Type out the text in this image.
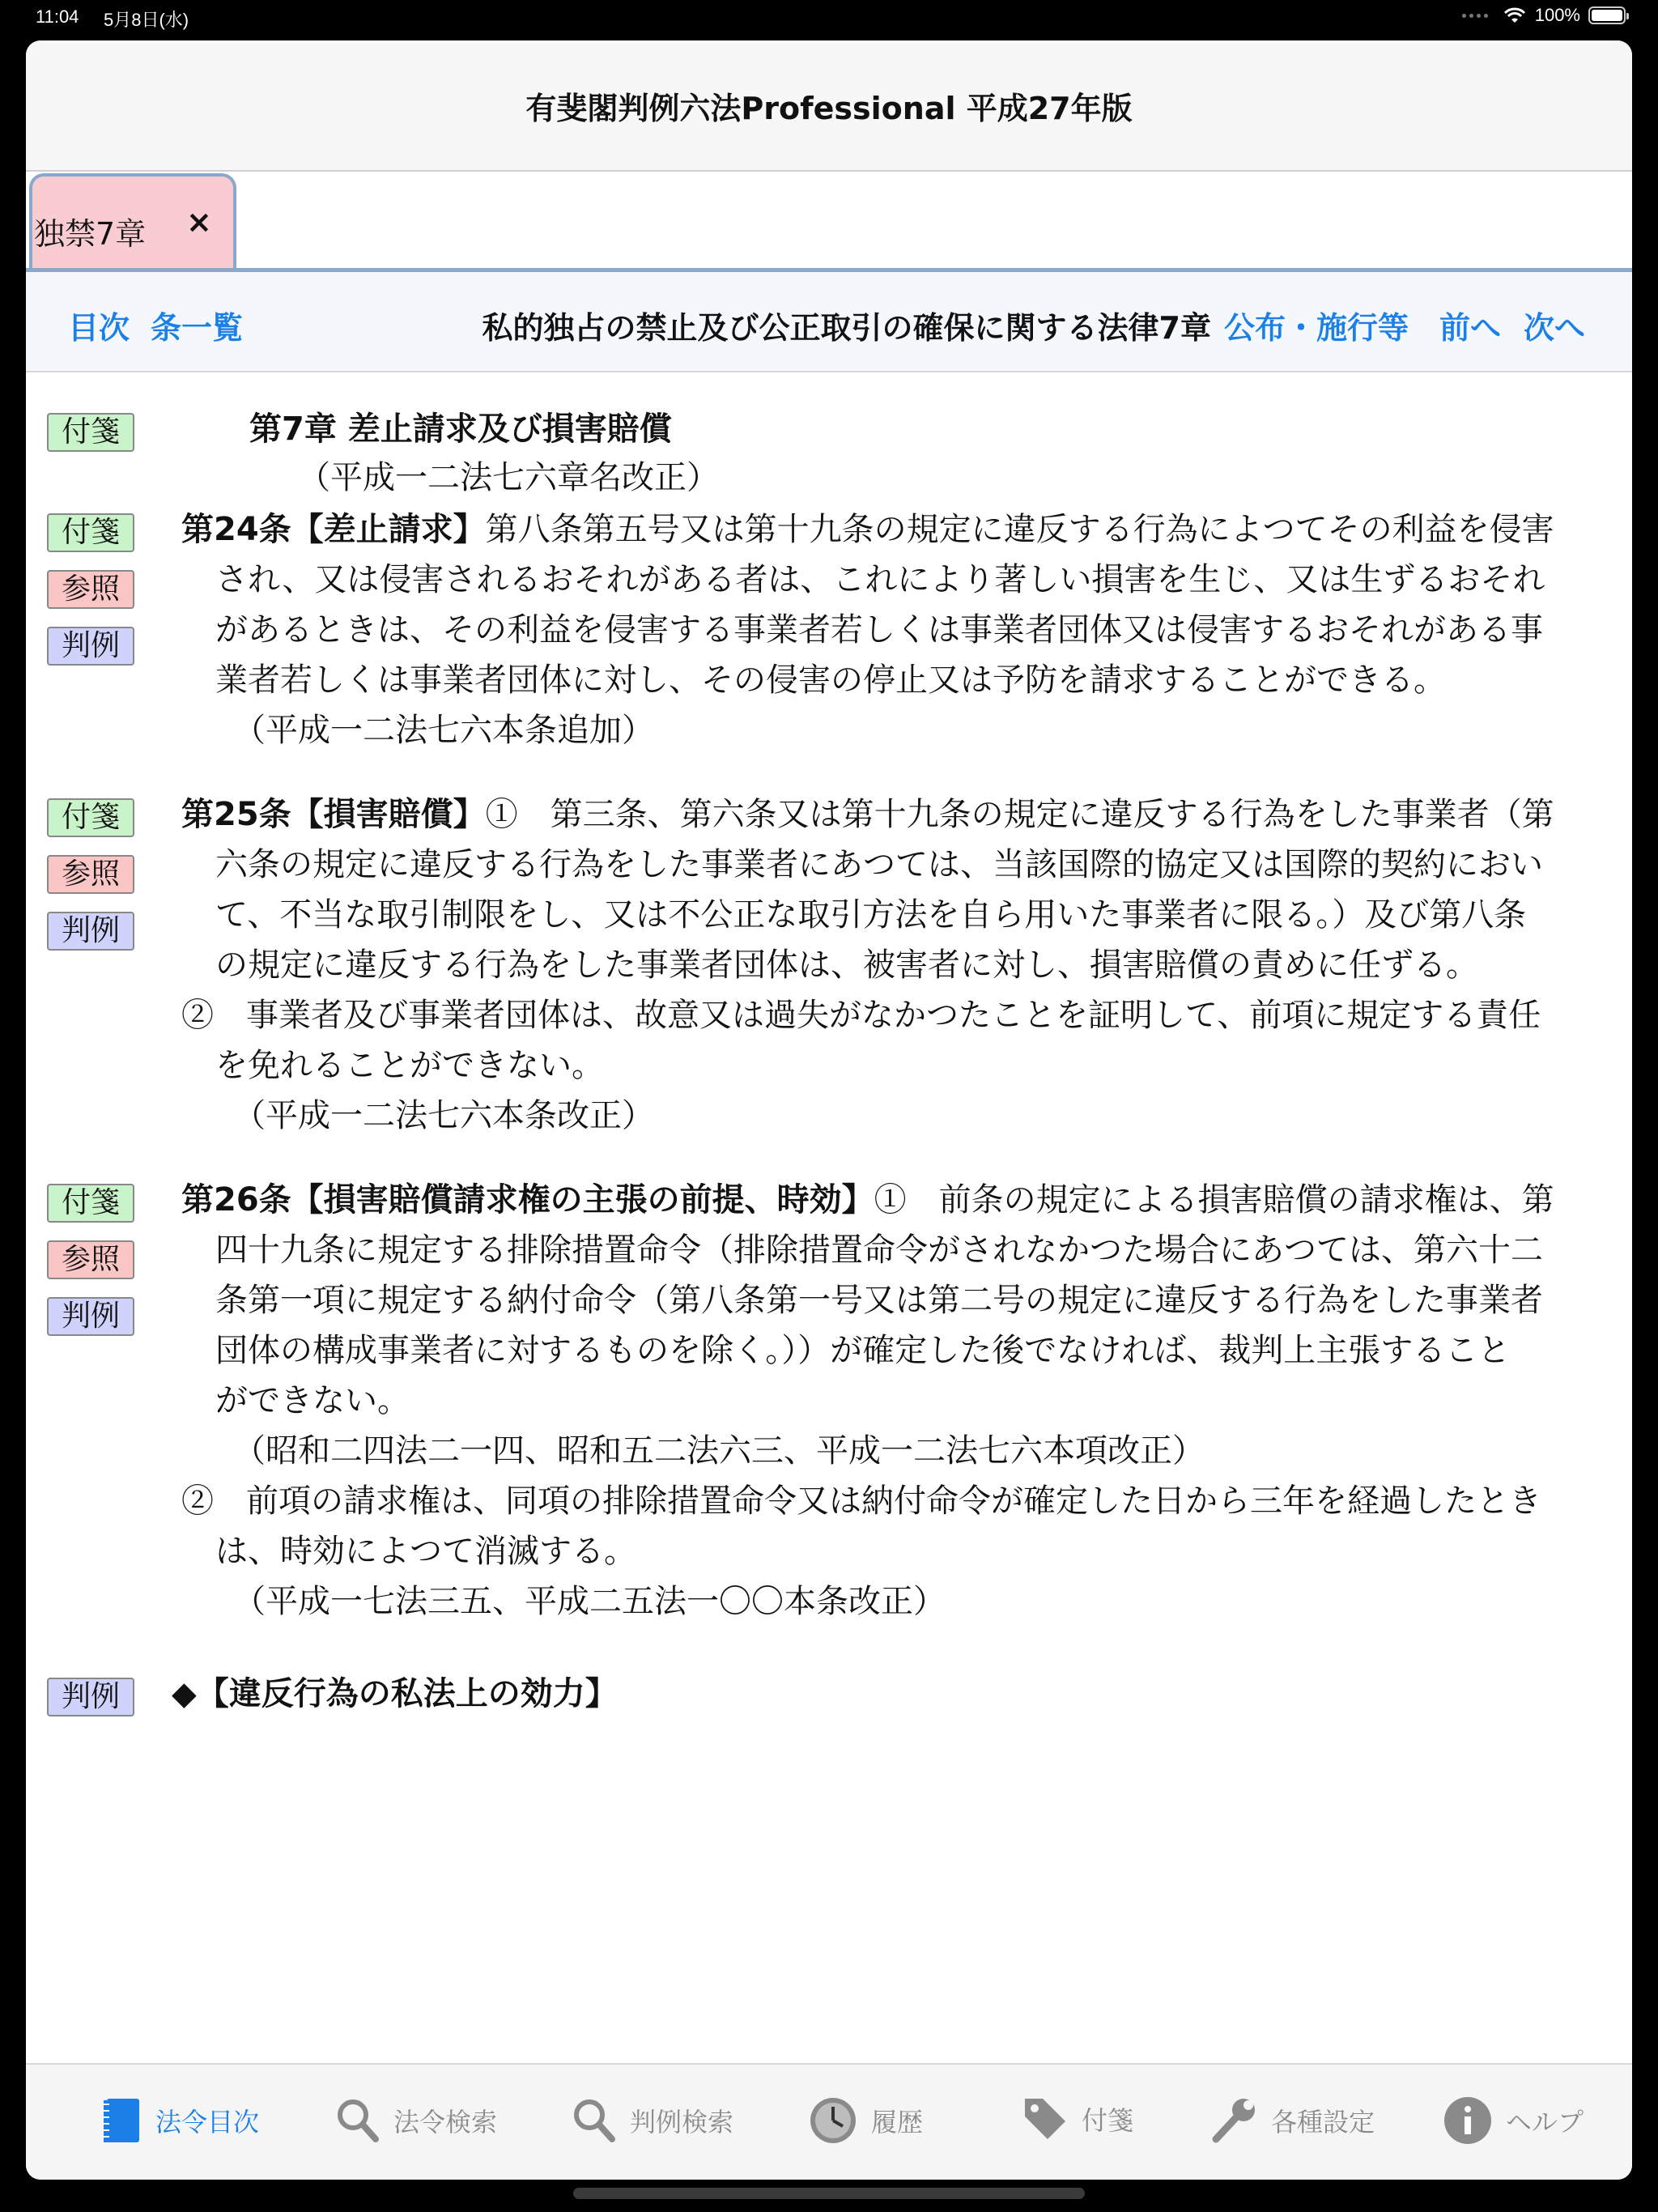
11:04 5月8日(水)	100%
有斐閣判例六法Professional 平成27年版
独禁7章 ×
目次 条一覧	私的独占の禁止及び公正取引の確保に関する法律7章 公布・施行等 前へ 次へ
付箋	第7章 差止請求及び損害賠償
（平成一二法七六章名改正）
付箋
参照
判例
第24条【差止請求】第八条第五号又は第十九条の規定に違反する行為によつてその利益を侵害
され、又は侵害されるおそれがある者は、これにより著しい損害を生じ、又は生ずるおそれ
があるときは、その利益を侵害する事業者若しくは事業者団体又は侵害するおそれがある事
業者若しくは事業者団体に対し、その侵害の停止又は予防を請求することができる。
（平成一二法七六本条追加）
付箋
参照
判例
第25条【損害賠償】①　第三条、第六条又は第十九条の規定に違反する行為をした事業者（第
六条の規定に違反する行為をした事業者にあつては、当該国際的協定又は国際的契約におい
て、不当な取引制限をし、又は不公正な取引方法を自ら用いた事業者に限る。）及び第八条
の規定に違反する行為をした事業者団体は、被害者に対し、損害賠償の責めに任ずる。
②　事業者及び事業者団体は、故意又は過失がなかつたことを証明して、前項に規定する責任
を免れることができない。
（平成一二法七六本条改正）
付箋
参照
判例
第26条【損害賠償請求権の主張の前提、時効】①　前条の規定による損害賠償の請求権は、第
四十九条に規定する排除措置命令（排除措置命令がされなかつた場合にあつては、第六十二
条第一項に規定する納付命令（第八条第一号又は第二号の規定に違反する行為をした事業者
団体の構成事業者に対するものを除く。））が確定した後でなければ、裁判上主張すること
ができない。
（昭和二四法二一四、昭和五二法六三、平成一二法七六本項改正）
②　前項の請求権は、同項の排除措置命令又は納付命令が確定した日から三年を経過したとき
は、時効によつて消滅する。
（平成一七法三五、平成二五法一〇〇本条改正）
判例	◆【違反行為の私法上の効力】
法令目次	法令検索	判例検索	履歴	付箋	各種設定	ヘルプ
